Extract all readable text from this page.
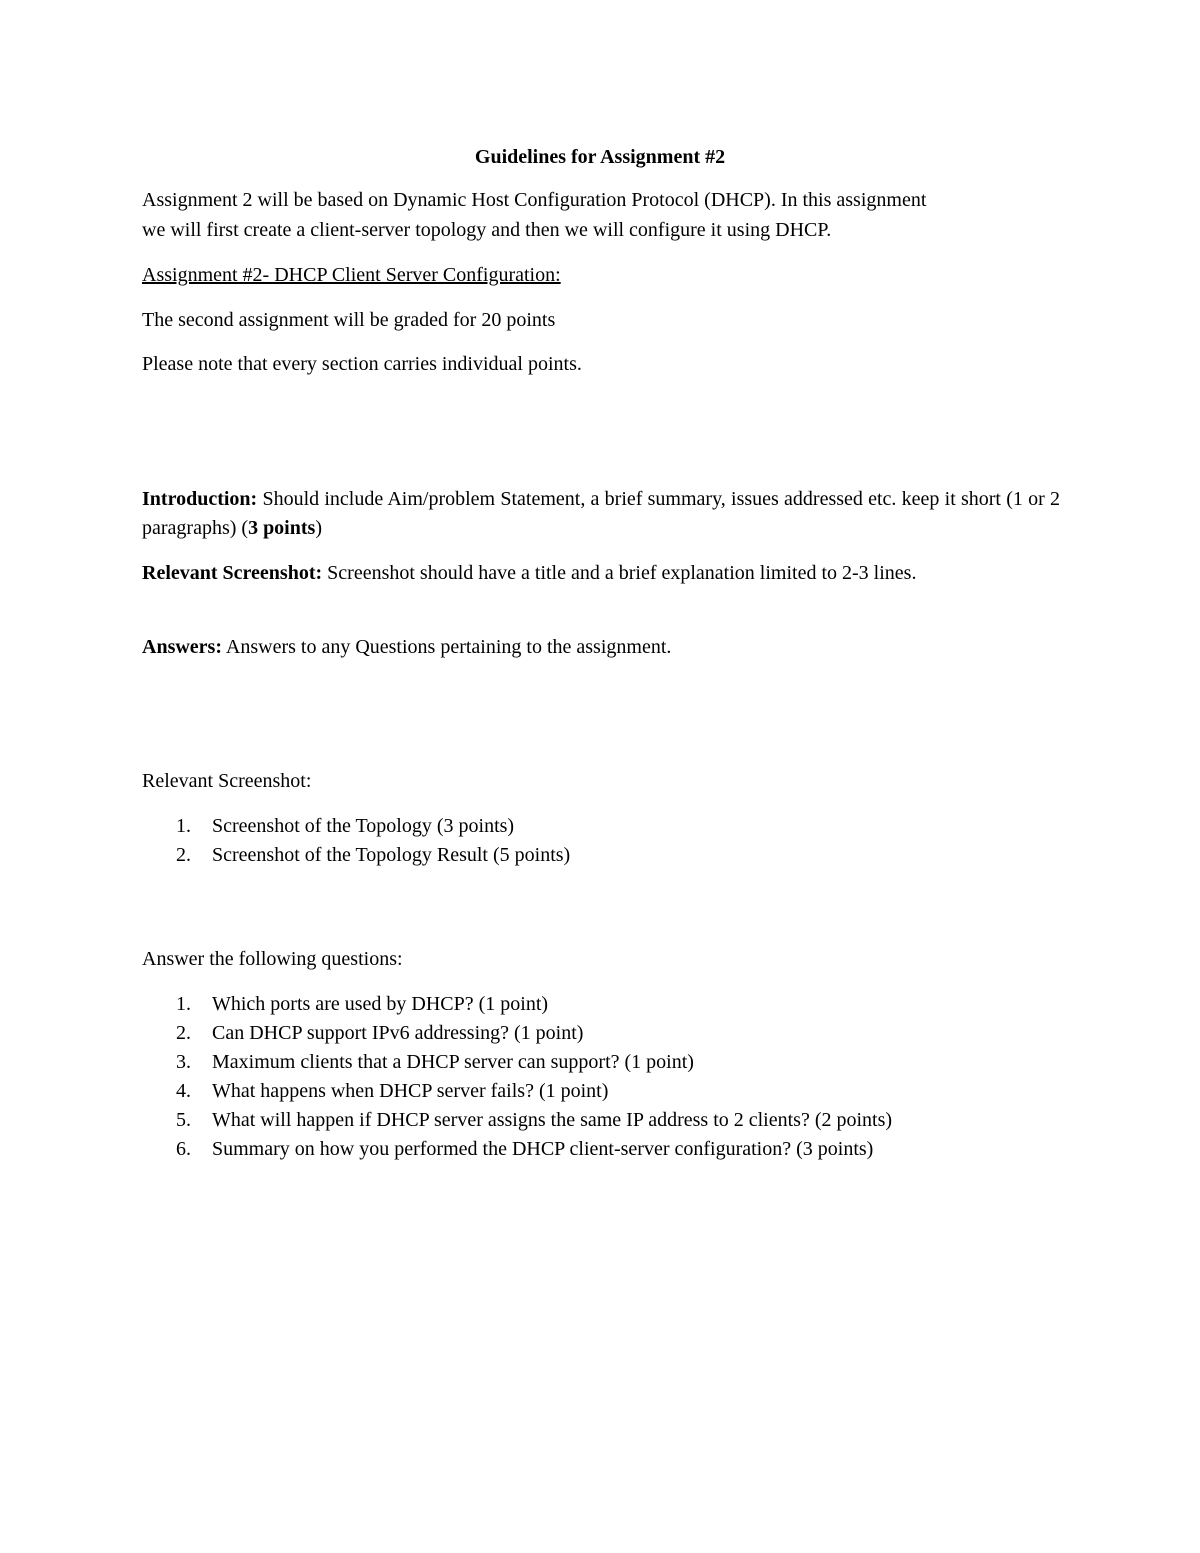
Guidelines for Assignment #2

Assignment 2 will be based on Dynamic Host Configuration Protocol (DHCP). In this assignment

we will first create a client-server topology and then we will configure it using DHCP.

Assignment #2- DHCP Client Server Configuration:

The second assignment will be graded for 20 points

Please note that every section carries individual points.

Introduction: Should include Aim/problem Statement, a brief summary, issues addressed etc. keep it short (1 or 2 paragraphs) (3 points)

Relevant Screenshot: Screenshot should have a title and a brief explanation limited to 2-3 lines.

Answers: Answers to any Questions pertaining to the assignment.

Relevant Screenshot:

1. Screenshot of the Topology (3 points)
2. Screenshot of the Topology Result (5 points)

Answer the following questions:

1. Which ports are used by DHCP? (1 point)
2. Can DHCP support IPv6 addressing? (1 point)
3. Maximum clients that a DHCP server can support? (1 point)
4. What happens when DHCP server fails? (1 point)
5. What will happen if DHCP server assigns the same IP address to 2 clients? (2 points)
6. Summary on how you performed the DHCP client-server configuration? (3 points)
